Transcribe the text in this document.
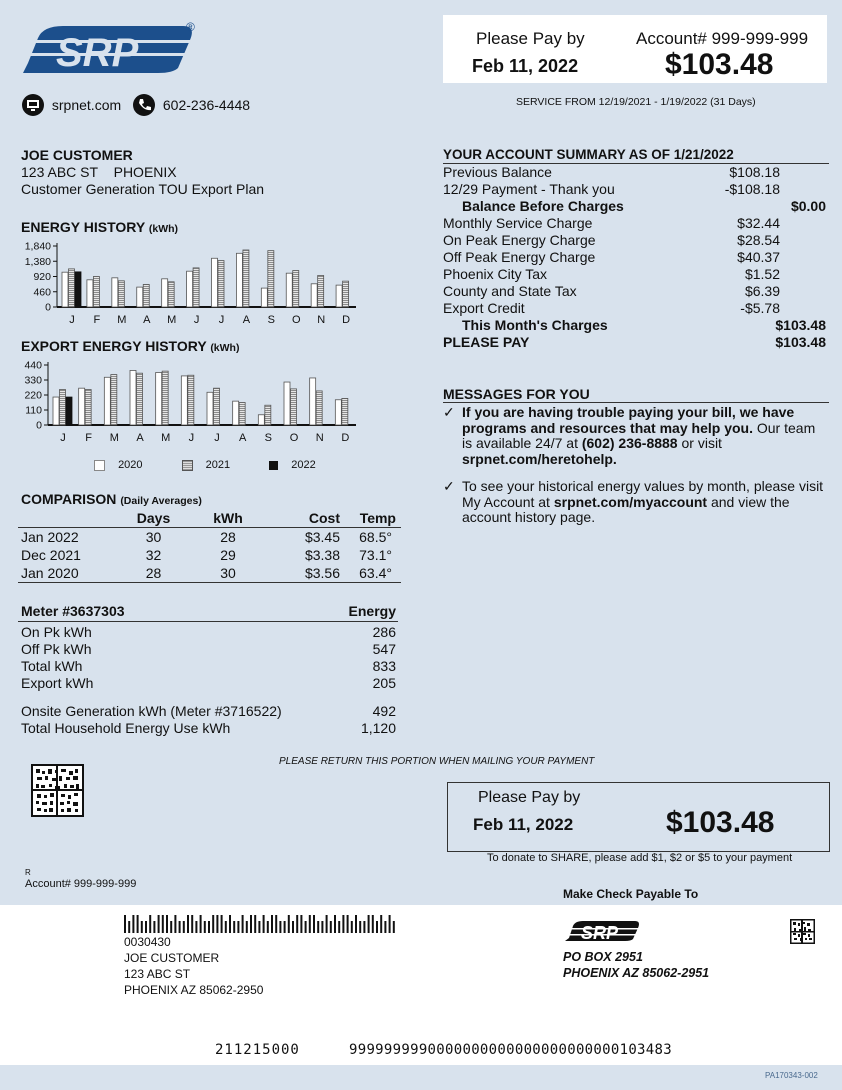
SRP
®
Please Pay by
Feb 11, 2022
Account# 999-999-999
$103.48
srpnet.com	602-236-4448	SERVICE FROM 12/19/2021 - 1/19/2022 (31 Days)
JOE CUSTOMER
123 ABC ST PHOENIX
Customer Generation TOU Export Plan
ENERGY HISTORY (kWh)
1,840
1,380
920
460
0
J F M A M J J A S O N D
EXPORT ENERGY HISTORY (kWh)
440
330
220
110
0
J F M A M J J A S O N D
2020	2021	2022
COMPARISON (Daily Averages)
	Days	kWh	Cost	Temp
Jan 2022	30	28	$3.45	68.5°
Dec 2021	32	29	$3.38	73.1°
Jan 2020	28	30	$3.56	63.4°
Meter #3637303	Energy
On Pk kWh	286
Off Pk kWh	547
Total kWh	833
Export kWh	205
Onsite Generation kWh (Meter #3716522)	492
Total Household Energy Use kWh	1,120
YOUR ACCOUNT SUMMARY AS OF 1/21/2022
Previous Balance	$108.18
12/29 Payment - Thank you	-$108.18
Balance Before Charges	$0.00
Monthly Service Charge	$32.44
On Peak Energy Charge	$28.54
Off Peak Energy Charge	$40.37
Phoenix City Tax	$1.52
County and State Tax	$6.39
Export Credit	-$5.78
This Month's Charges	$103.48
PLEASE PAY	$103.48
MESSAGES FOR YOU
✓ If you are having trouble paying your bill, we have programs and resources that may help you. Our team is available 24/7 at (602) 236-8888 or visit srpnet.com/heretohelp.
✓ To see your historical energy values by month, please visit My Account at srpnet.com/myaccount and view the account history page.
PLEASE RETURN THIS PORTION WHEN MAILING YOUR PAYMENT
Please Pay by
Feb 11, 2022	$103.48
To donate to SHARE, please add $1, $2 or $5 to your payment
R
Account# 999-999-999
Make Check Payable To
0030430
JOE CUSTOMER
123 ABC ST
PHOENIX AZ 85062-2950
SRP
PO BOX 2951
PHOENIX AZ 85062-2951
211215000	9999999990000000000000000000000103483
PA170343-002
